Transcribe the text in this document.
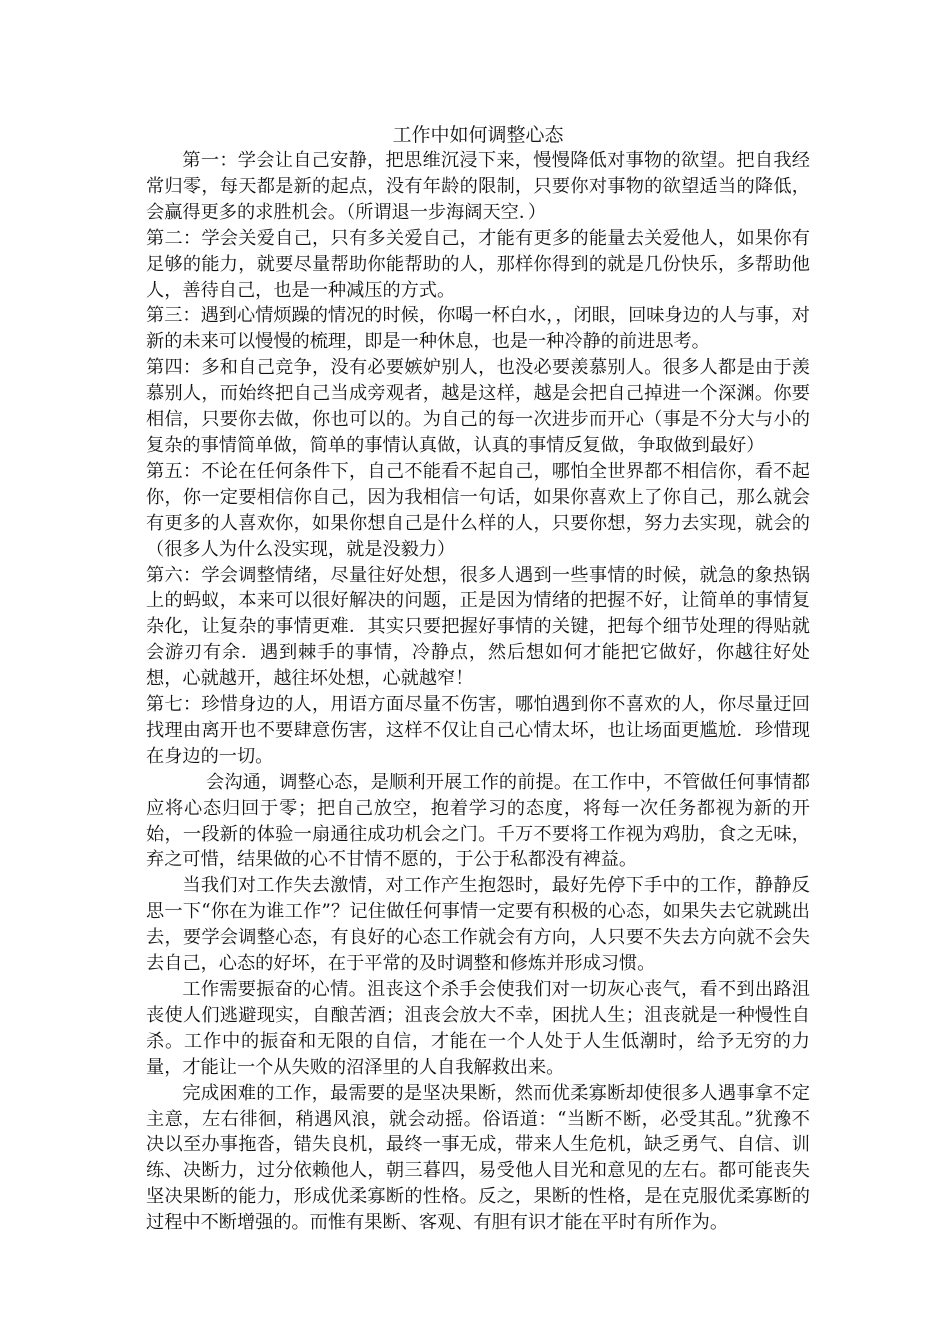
工作中如何调整心态

第一：学会让自己安静，把思维沉浸下来，慢慢降低对事物的欲望。把自我经常归零，每天都是新的起点，没有年龄的限制，只要你对事物的欲望适当的降低，会赢得更多的求胜机会。（所谓退一步海阔天空．）

第二：学会关爱自己，只有多关爱自己，才能有更多的能量去关爱他人，如果你有足够的能力，就要尽量帮助你能帮助的人，那样你得到的就是几份快乐，多帮助他人，善待自己，也是一种减压的方式。

第三：遇到心情烦躁的情况的时候，你喝一杯白水，，闭眼，回味身边的人与事，对新的未来可以慢慢的梳理，即是一种休息，也是一种冷静的前进思考。

第四：多和自己竞争，没有必要嫉妒别人，也没必要羡慕别人。很多人都是由于羡慕别人，而始终把自己当成旁观者，越是这样，越是会把自己掉进一个深渊。你要相信，只要你去做，你也可以的。为自己的每一次进步而开心（事是不分大与小的复杂的事情简单做，简单的事情认真做，认真的事情反复做，争取做到最好）

第五：不论在任何条件下，自己不能看不起自己，哪怕全世界都不相信你，看不起你，你一定要相信你自己，因为我相信一句话，如果你喜欢上了你自己，那么就会有更多的人喜欢你，如果你想自己是什么样的人，只要你想，努力去实现，就会的（很多人为什么没实现，就是没毅力）

第六：学会调整情绪，尽量往好处想，很多人遇到一些事情的时候，就急的象热锅上的蚂蚁，本来可以很好解决的问题，正是因为情绪的把握不好，让简单的事情复杂化，让复杂的事情更难．其实只要把握好事情的关键，把每个细节处理的得贴就会游刃有余．遇到棘手的事情，冷静点，然后想如何才能把它做好，你越往好处想，心就越开，越往坏处想，心就越窄！

第七：珍惜身边的人，用语方面尽量不伤害，哪怕遇到你不喜欢的人，你尽量迂回找理由离开也不要肆意伤害，这样不仅让自己心情太坏，也让场面更尴尬．珍惜现在身边的一切。

会沟通，调整心态，是顺利开展工作的前提。在工作中，不管做任何事情都应将心态归回于零；把自己放空，抱着学习的态度，将每一次任务都视为新的开始，一段新的体验一扇通往成功机会之门。千万不要将工作视为鸡肋，食之无味，弃之可惜，结果做的心不甘情不愿的，于公于私都没有裨益。

当我们对工作失去激情，对工作产生抱怨时，最好先停下手中的工作，静静反思一下“你在为谁工作”？记住做任何事情一定要有积极的心态，如果失去它就跳出去，要学会调整心态，有良好的心态工作就会有方向，人只要不失去方向就不会失去自己，心态的好坏，在于平常的及时调整和修炼并形成习惯。

工作需要振奋的心情。沮丧这个杀手会使我们对一切灰心丧气，看不到出路沮丧使人们逃避现实，自酿苦酒；沮丧会放大不幸，困扰人生；沮丧就是一种慢性自杀。工作中的振奋和无限的自信，才能在一个人处于人生低潮时，给予无穷的力量，才能让一个从失败的沼泽里的人自我解救出来。

完成困难的工作，最需要的是坚决果断，然而优柔寡断却使很多人遇事拿不定主意，左右徘徊，稍遇风浪，就会动摇。俗语道：“当断不断，必受其乱。”犹豫不决以至办事拖沓，错失良机，最终一事无成，带来人生危机，缺乏勇气、自信、训练、决断力，过分依赖他人，朝三暮四，易受他人目光和意见的左右。都可能丧失坚决果断的能力，形成优柔寡断的性格。反之，果断的性格，是在克服优柔寡断的过程中不断增强的。而惟有果断、客观、有胆有识才能在平时有所作为。
